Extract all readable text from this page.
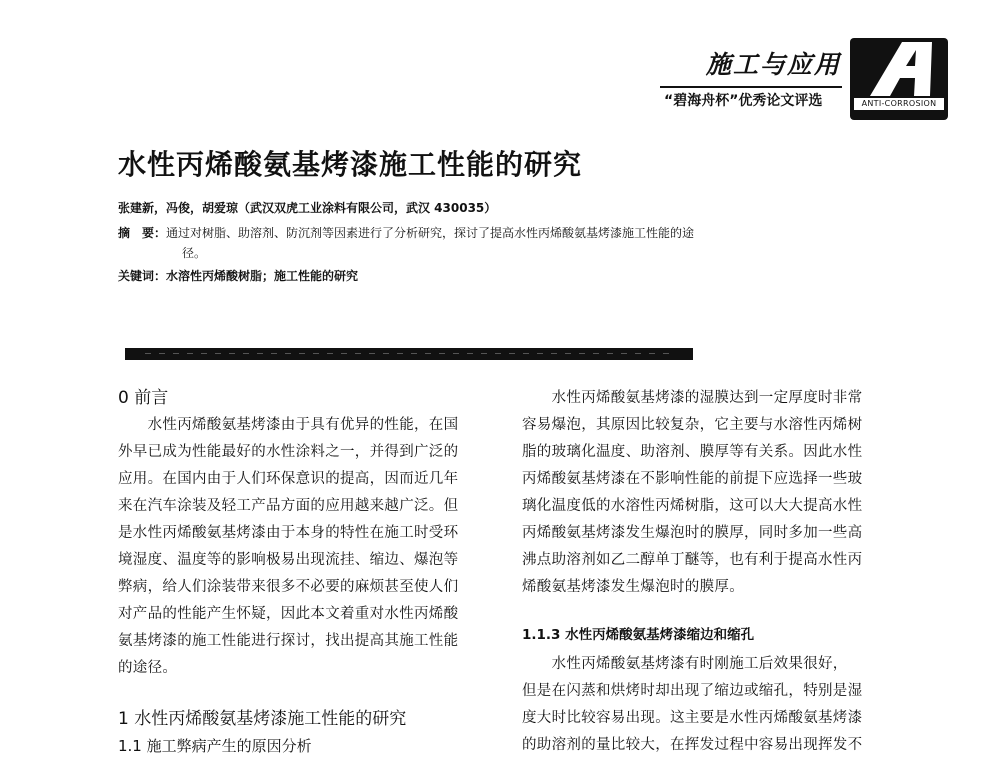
施工与应用
“碧海舟杯”优秀论文评选	ANTI-CORROSION
水性丙烯酸氨基烤漆施工性能的研究
张建新，冯俊，胡爱琼（武汉双虎工业涂料有限公司，武汉 430035）
摘　要：通过对树脂、助溶剂、防沉剂等因素进行了分析研究，探讨了提高水性丙烯酸氨基烤漆施工性能的途
径。
关键词：水溶性丙烯酸树脂；施工性能的研究
0 前言
1 水性丙烯酸氨基烤漆施工性能的研究
1.1 施工弊病产生的原因分析
1.1.3 水性丙烯酸氨基烤漆缩边和缩孔
　　水性丙烯酸氨基烤漆由于具有优异的性能，在国
外早已成为性能最好的水性涂料之一，并得到广泛的
应用。在国内由于人们环保意识的提高，因而近几年
来在汽车涂装及轻工产品方面的应用越来越广泛。但
是水性丙烯酸氨基烤漆由于本身的特性在施工时受环
境湿度、温度等的影响极易出现流挂、缩边、爆泡等
弊病，给人们涂装带来很多不必要的麻烦甚至使人们
对产品的性能产生怀疑，因此本文着重对水性丙烯酸
氨基烤漆的施工性能进行探讨，找出提高其施工性能
的途径。
　　水性丙烯酸氨基烤漆的湿膜达到一定厚度时非常
容易爆泡，其原因比较复杂，它主要与水溶性丙烯树
脂的玻璃化温度、助溶剂、膜厚等有关系。因此水性
丙烯酸氨基烤漆在不影响性能的前提下应选择一些玻
璃化温度低的水溶性丙烯树脂，这可以大大提高水性
丙烯酸氨基烤漆发生爆泡时的膜厚，同时多加一些高
沸点助溶剂如乙二醇单丁醚等，也有利于提高水性丙
烯酸氨基烤漆发生爆泡时的膜厚。
　　水性丙烯酸氨基烤漆有时刚施工后效果很好，
但是在闪蒸和烘烤时却出现了缩边或缩孔，特别是湿
度大时比较容易出现。这主要是水性丙烯酸氨基烤漆
的助溶剂的量比较大，在挥发过程中容易出现挥发不
